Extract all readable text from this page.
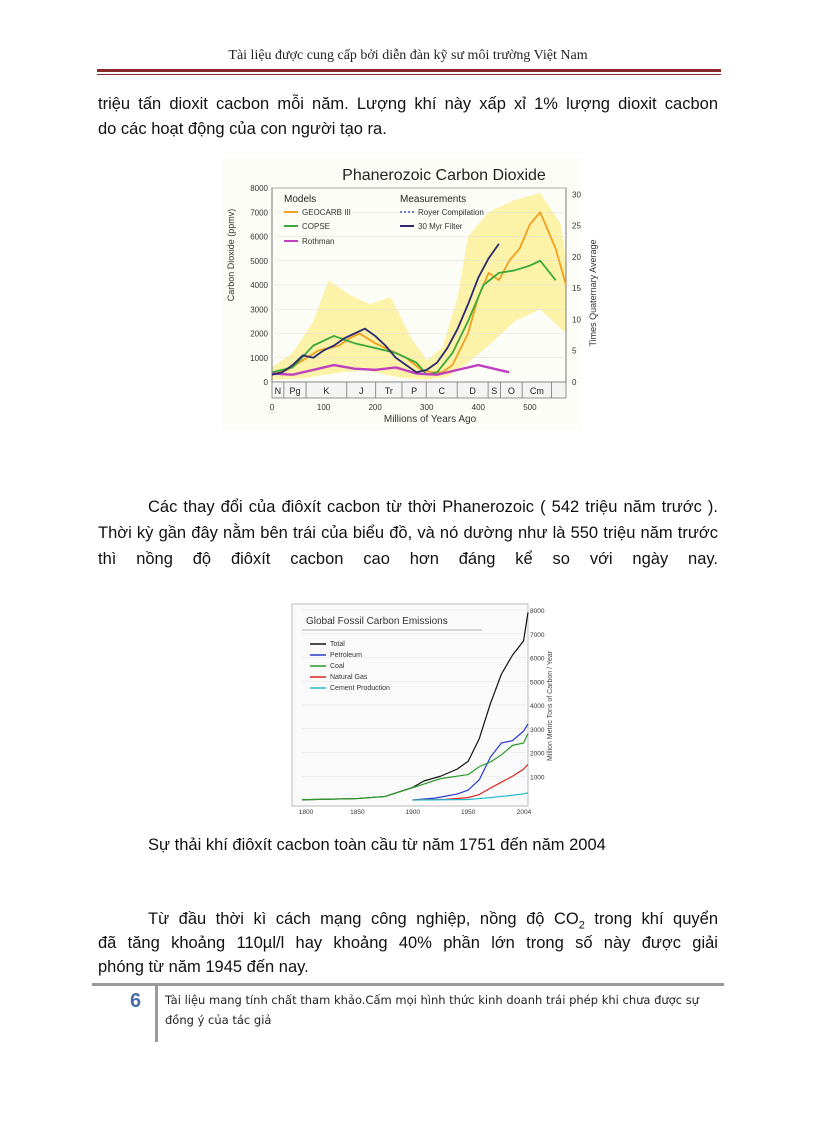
Tài liệu được cung cấp bởi diễn đàn kỹ sư môi trường Việt Nam
triệu tấn dioxit cacbon mỗi năm. Lượng khí này xấp xỉ 1% lượng dioxit cacbon
do các hoạt động của con người tạo ra.
Phanerozoic Carbon Dioxide
0
1000
2000
3000
4000
5000
6000
7000
8000
0
5
10
15
20
25
30
0	100	200	300	400	500
N Pg	K	J Tr P C	D S O Cm
Carbon Dioxide (ppmv)	Times Quaternary Average
Millions of Years Ago
Models	Measurements
GEOCARB III
COPSE
Rothman
Royer Compilation
30 Myr Filter
Các thay đổi của điôxít cacbon từ thời Phanerozoic ( 542 triệu năm trước ). Thời kỳ gần đây nằm bên trái của biểu đồ, và nó dường như là 550 triệu năm trước thì nồng độ điôxít cacbon cao hơn đáng kể so với ngày nay.
Global Fossil Carbon Emissions
1000
2000
3000
4000
5000
6000
7000
8000
1800	1850	1900	1950	2004
Total
Petroleum
Coal
Natural Gas
Cement Production	Million Metric Tons of Carbon / Year
Sự thải khí điôxít cacbon toàn cầu từ năm 1751 đến năm 2004
Từ đầu thời kì cách mạng công nghiệp, nồng độ $CO_2$ trong khí quyển
đã tăng khoảng 110µl/l hay khoảng 40% phần lớn trong số này được giải
phóng từ năm 1945 đến nay.
6 Tài liệu mang tính chất tham khảo.Cấm mọi hình thức kinh doanh trái phép khi chưa được sự đồng ý của tác giả
